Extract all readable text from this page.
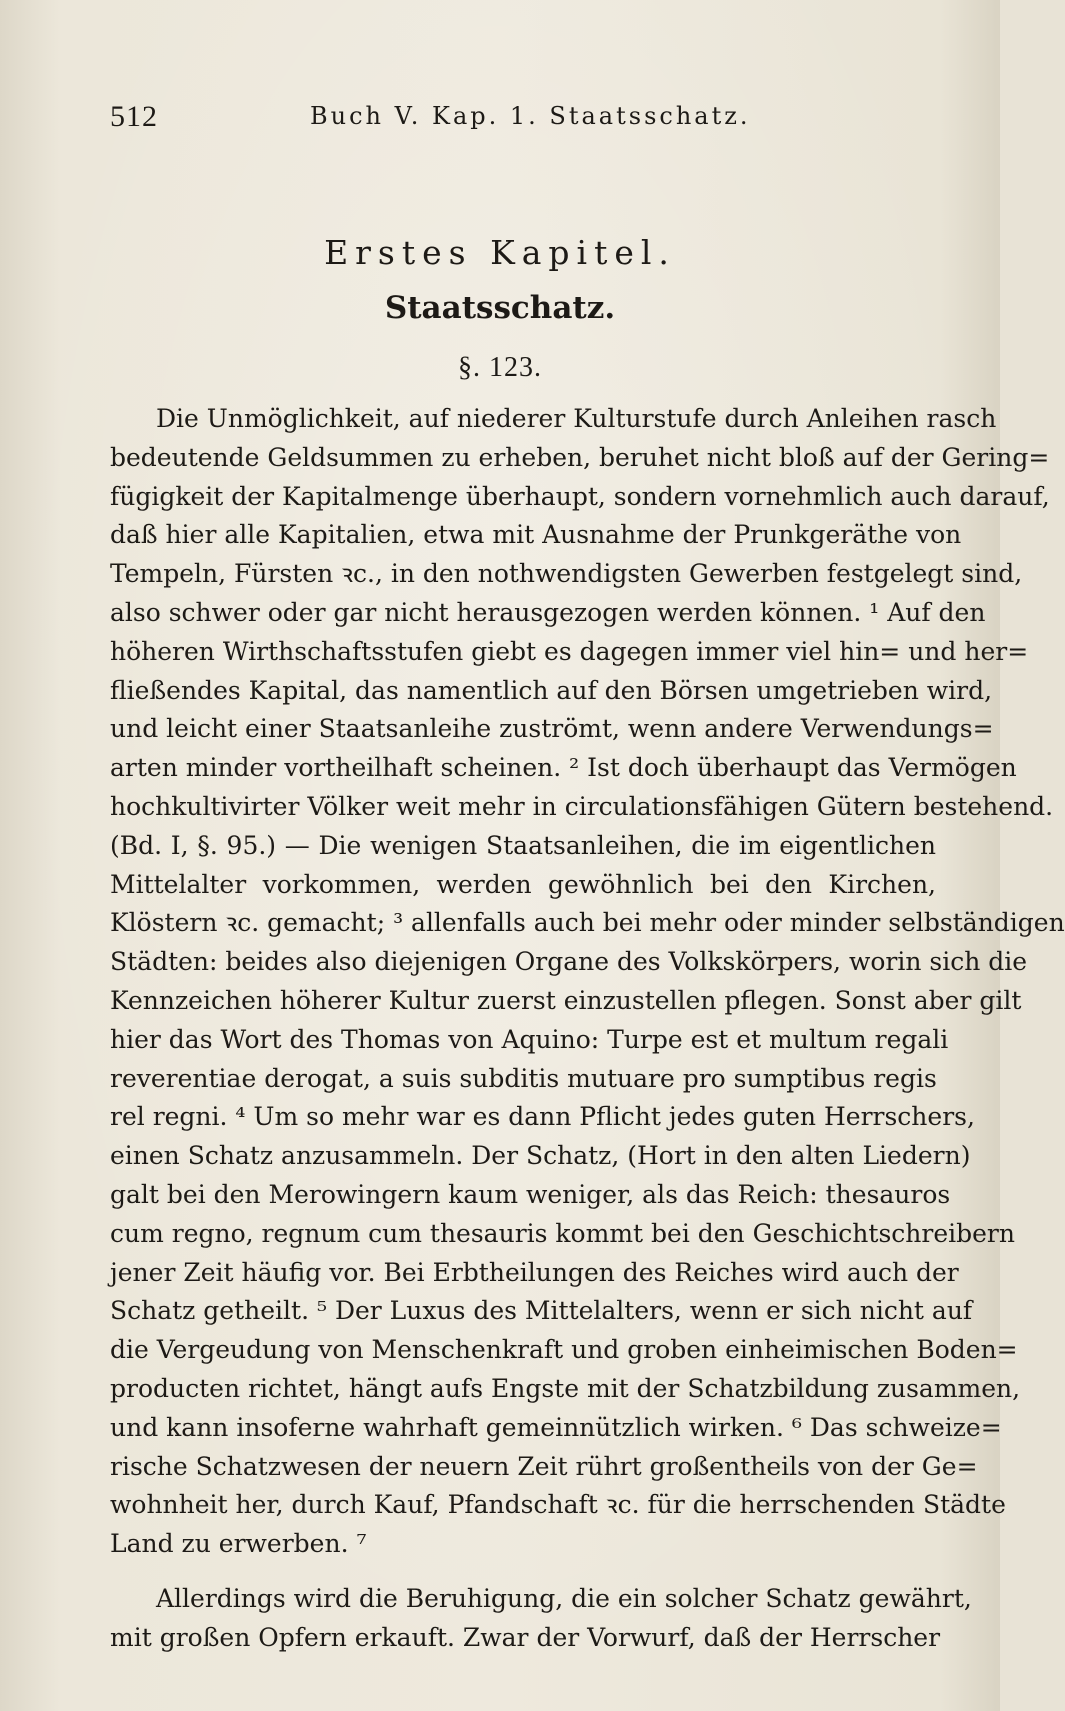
512	Buch V. Kap. 1. Staatsschatz.
Erstes Kapitel.
Staatsschatz.
§. 123.
Die Unmöglichkeit, auf niederer Kulturstufe durch Anleihen rasch
bedeutende Geldsummen zu erheben, beruhet nicht bloß auf der Gering=
fügigkeit der Kapitalmenge überhaupt, sondern vornehmlich auch darauf,
daß hier alle Kapitalien, etwa mit Ausnahme der Prunkgeräthe von
Tempeln, Fürsten ꝛc., in den nothwendigsten Gewerben festgelegt sind,
also schwer oder gar nicht herausgezogen werden können. ¹ Auf den
höheren Wirthschaftsstufen giebt es dagegen immer viel hin= und her=
fließendes Kapital, das namentlich auf den Börsen umgetrieben wird,
und leicht einer Staatsanleihe zuströmt, wenn andere Verwendungs=
arten minder vortheilhaft scheinen. ² Ist doch überhaupt das Vermögen
hochkultivirter Völker weit mehr in circulationsfähigen Gütern bestehend.
(Bd. I, §. 95.) — Die wenigen Staatsanleihen, die im eigentlichen
Mittelalter vorkommen, werden gewöhnlich bei den Kirchen,
Klöstern ꝛc. gemacht; ³ allenfalls auch bei mehr oder minder selbständigen
Städten: beides also diejenigen Organe des Volkskörpers, worin sich die
Kennzeichen höherer Kultur zuerst einzustellen pflegen. Sonst aber gilt
hier das Wort des Thomas von Aquino: Turpe est et multum regali
reverentiae derogat, a suis subditis mutuare pro sumptibus regis
rel regni. ⁴ Um so mehr war es dann Pflicht jedes guten Herrschers,
einen Schatz anzusammeln. Der Schatz, (Hort in den alten Liedern)
galt bei den Merowingern kaum weniger, als das Reich: thesauros
cum regno, regnum cum thesauris kommt bei den Geschichtschreibern
jener Zeit häufig vor. Bei Erbtheilungen des Reiches wird auch der
Schatz getheilt. ⁵ Der Luxus des Mittelalters, wenn er sich nicht auf
die Vergeudung von Menschenkraft und groben einheimischen Boden=
producten richtet, hängt aufs Engste mit der Schatzbildung zusammen,
und kann insoferne wahrhaft gemeinnützlich wirken. ⁶ Das schweize=
rische Schatzwesen der neuern Zeit rührt großentheils von der Ge=
wohnheit her, durch Kauf, Pfandschaft ꝛc. für die herrschenden Städte
Land zu erwerben. ⁷
Allerdings wird die Beruhigung, die ein solcher Schatz gewährt,
mit großen Opfern erkauft. Zwar der Vorwurf, daß der Herrscher
